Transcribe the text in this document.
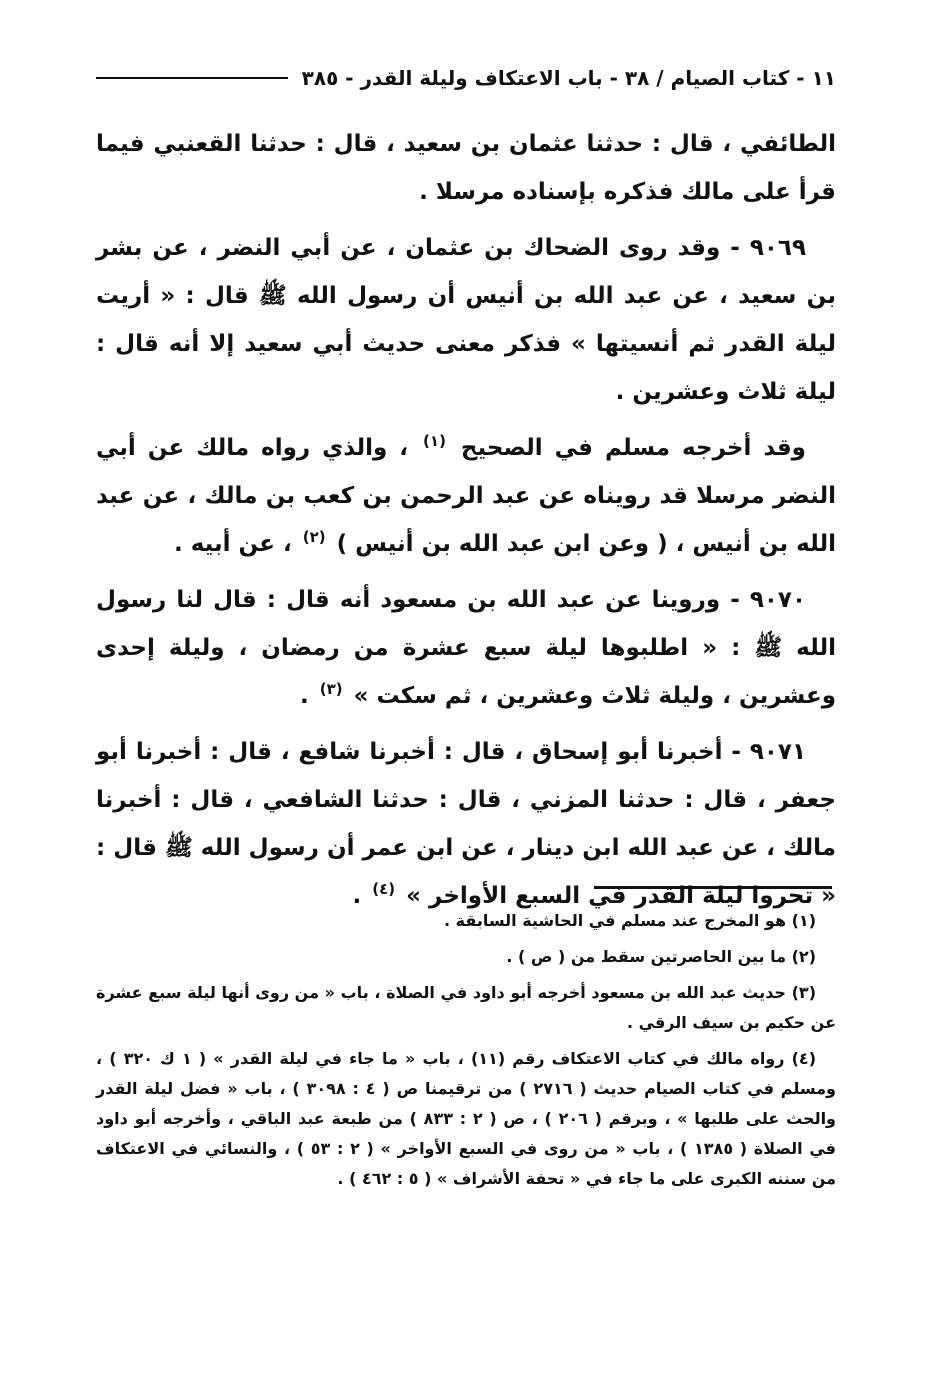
١١ - كتاب الصيام / ٣٨ - باب الاعتكاف وليلة القدر - ٣٨٥

الطائفي ، قال : حدثنا عثمان بن سعيد ، قال : حدثنا القعنبي فيما قرأ على مالك فذكره بإسناده مرسلا .

٩٠٦٩ - وقد روى الضحاك بن عثمان ، عن أبي النضر ، عن بشر بن سعيد ، عن عبد الله بن أنيس أن رسول الله ﷺ قال : « أريت ليلة القدر ثم أنسيتها » فذكر معنى حديث أبي سعيد إلا أنه قال : ليلة ثلاث وعشرين .

وقد أخرجه مسلم في الصحيح $^{(١)}$ ، والذي رواه مالك عن أبي النضر مرسلا قد رويناه عن عبد الرحمن بن كعب بن مالك ، عن عبد الله بن أنيس ، ( وعن ابن عبد الله بن أنيس ) $^{(٢)}$ ، عن أبيه .

٩٠٧٠ - وروينا عن عبد الله بن مسعود أنه قال : قال لنا رسول الله ﷺ : « اطلبوها ليلة سبع عشرة من رمضان ، وليلة إحدى وعشرين ، وليلة ثلاث وعشرين ، ثم سكت » $^{(٣)}$ .

٩٠٧١ - أخبرنا أبو إسحاق ، قال : أخبرنا شافع ، قال : أخبرنا أبو جعفر ، قال : حدثنا المزني ، قال : حدثنا الشافعي ، قال : أخبرنا مالك ، عن عبد الله ابن دينار ، عن ابن عمر أن رسول الله ﷺ قال : « تحروا ليلة القدر في السبع الأواخر » $^{(٤)}$ .

(١) هو المخرج عند مسلم في الحاشية السابقة .

(٢) ما بين الحاصرتين سقط من ( ص ) .

(٣) حديث عبد الله بن مسعود أخرجه أبو داود في الصلاة ، باب « من روى أنها ليلة سبع عشرة عن حكيم بن سيف الرقي .

(٤) رواه مالك في كتاب الاعتكاف رقم (١١) ، باب « ما جاء في ليلة القدر » ( ١ ك ٣٢٠ ) ، ومسلم في كتاب الصيام حديث ( ٢٧١٦ ) من ترقيمنا ص ( ٤ : ٣٠٩٨ ) ، باب « فضل ليلة القدر والحث على طلبها » ، وبرقم ( ٢٠٦ ) ، ص ( ٢ : ٨٣٣ ) من طبعة عبد الباقي ، وأخرجه أبو داود في الصلاة ( ١٣٨٥ ) ، باب « من روى في السبع الأواخر » ( ٢ : ٥٣ ) ، والنسائي في الاعتكاف من سننه الكبرى على ما جاء في « تحفة الأشراف » ( ٥ : ٤٦٢ ) .
